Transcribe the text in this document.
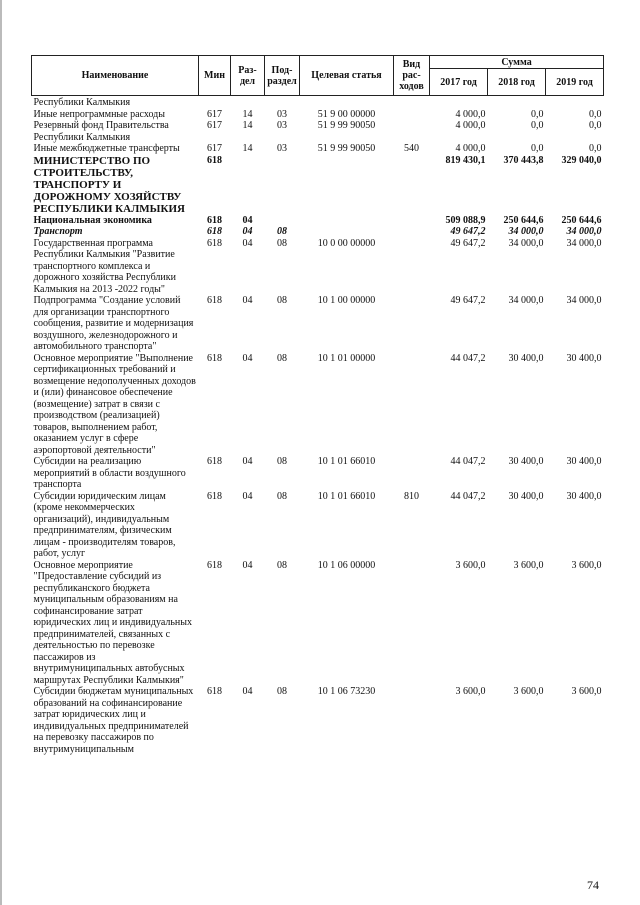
Наименование	Мин	Раз- дел	Под- раздел	Целевая статья	Вид рас- ходов	Сумма		
						2017 год	2018 год	2019 год
Республики Калмыкия								
Иные непрограммные расходы	617	14	03	51 9 00 00000		4 000,0	0,0	0,0
Резервный фонд Правительства Республики Калмыкия	617	14	03	51 9 99 90050		4 000,0	0,0	0,0
Иные межбюджетные трансферты	617	14	03	51 9 99 90050	540	4 000,0	0,0	0,0
МИНИСТЕРСТВО ПО СТРОИТЕЛЬСТВУ, ТРАНСПОРТУ И ДОРОЖНОМУ ХОЗЯЙСТВУ РЕСПУБЛИКИ КАЛМЫКИЯ	618					819 430,1	370 443,8	329 040,0
Национальная экономика	618	04				509 088,9	250 644,6	250 644,6
Транспорт	618	04	08			49 647,2	34 000,0	34 000,0
Государственная программа Республики Калмыкия "Развитие транспортного комплекса и дорожного хозяйства Республики Калмыкия на 2013 -2022 годы"	618	04	08	10 0 00 00000		49 647,2	34 000,0	34 000,0
Подпрограмма "Создание условий для организации транспортного сообщения, развитие и модернизация воздушного, железнодорожного и автомобильного транспорта"	618	04	08	10 1 00 00000		49 647,2	34 000,0	34 000,0
Основное мероприятие "Выполнение сертификационных требований и возмещение недополученных доходов и (или) финансовое обеспечение (возмещение) затрат в связи с производством (реализацией) товаров, выполнением работ, оказанием услуг в сфере аэропортовой деятельности"	618	04	08	10 1 01 00000		44 047,2	30 400,0	30 400,0
Субсидии на реализацию мероприятий в области воздушного транспорта	618	04	08	10 1 01 66010		44 047,2	30 400,0	30 400,0
Субсидии юридическим лицам (кроме некоммерческих организаций), индивидуальным предпринимателям, физическим лицам - производителям товаров, работ, услуг	618	04	08	10 1 01 66010	810	44 047,2	30 400,0	30 400,0
Основное мероприятие "Предоставление субсидий из республиканского бюджета муниципальным образованиям на софинансирование затрат юридических лиц и индивидуальных предпринимателей, связанных с деятельностью по перевозке пассажиров из внутримуниципальных автобусных маршрутах Республики Калмыкия"	618	04	08	10 1 06 00000		3 600,0	3 600,0	3 600,0
Субсидии бюджетам муниципальных образований на софинансирование затрат юридических лиц и индивидуальных предпринимателей на перевозку пассажиров по внутримуниципальным	618	04	08	10 1 06 73230		3 600,0	3 600,0	3 600,0
74
